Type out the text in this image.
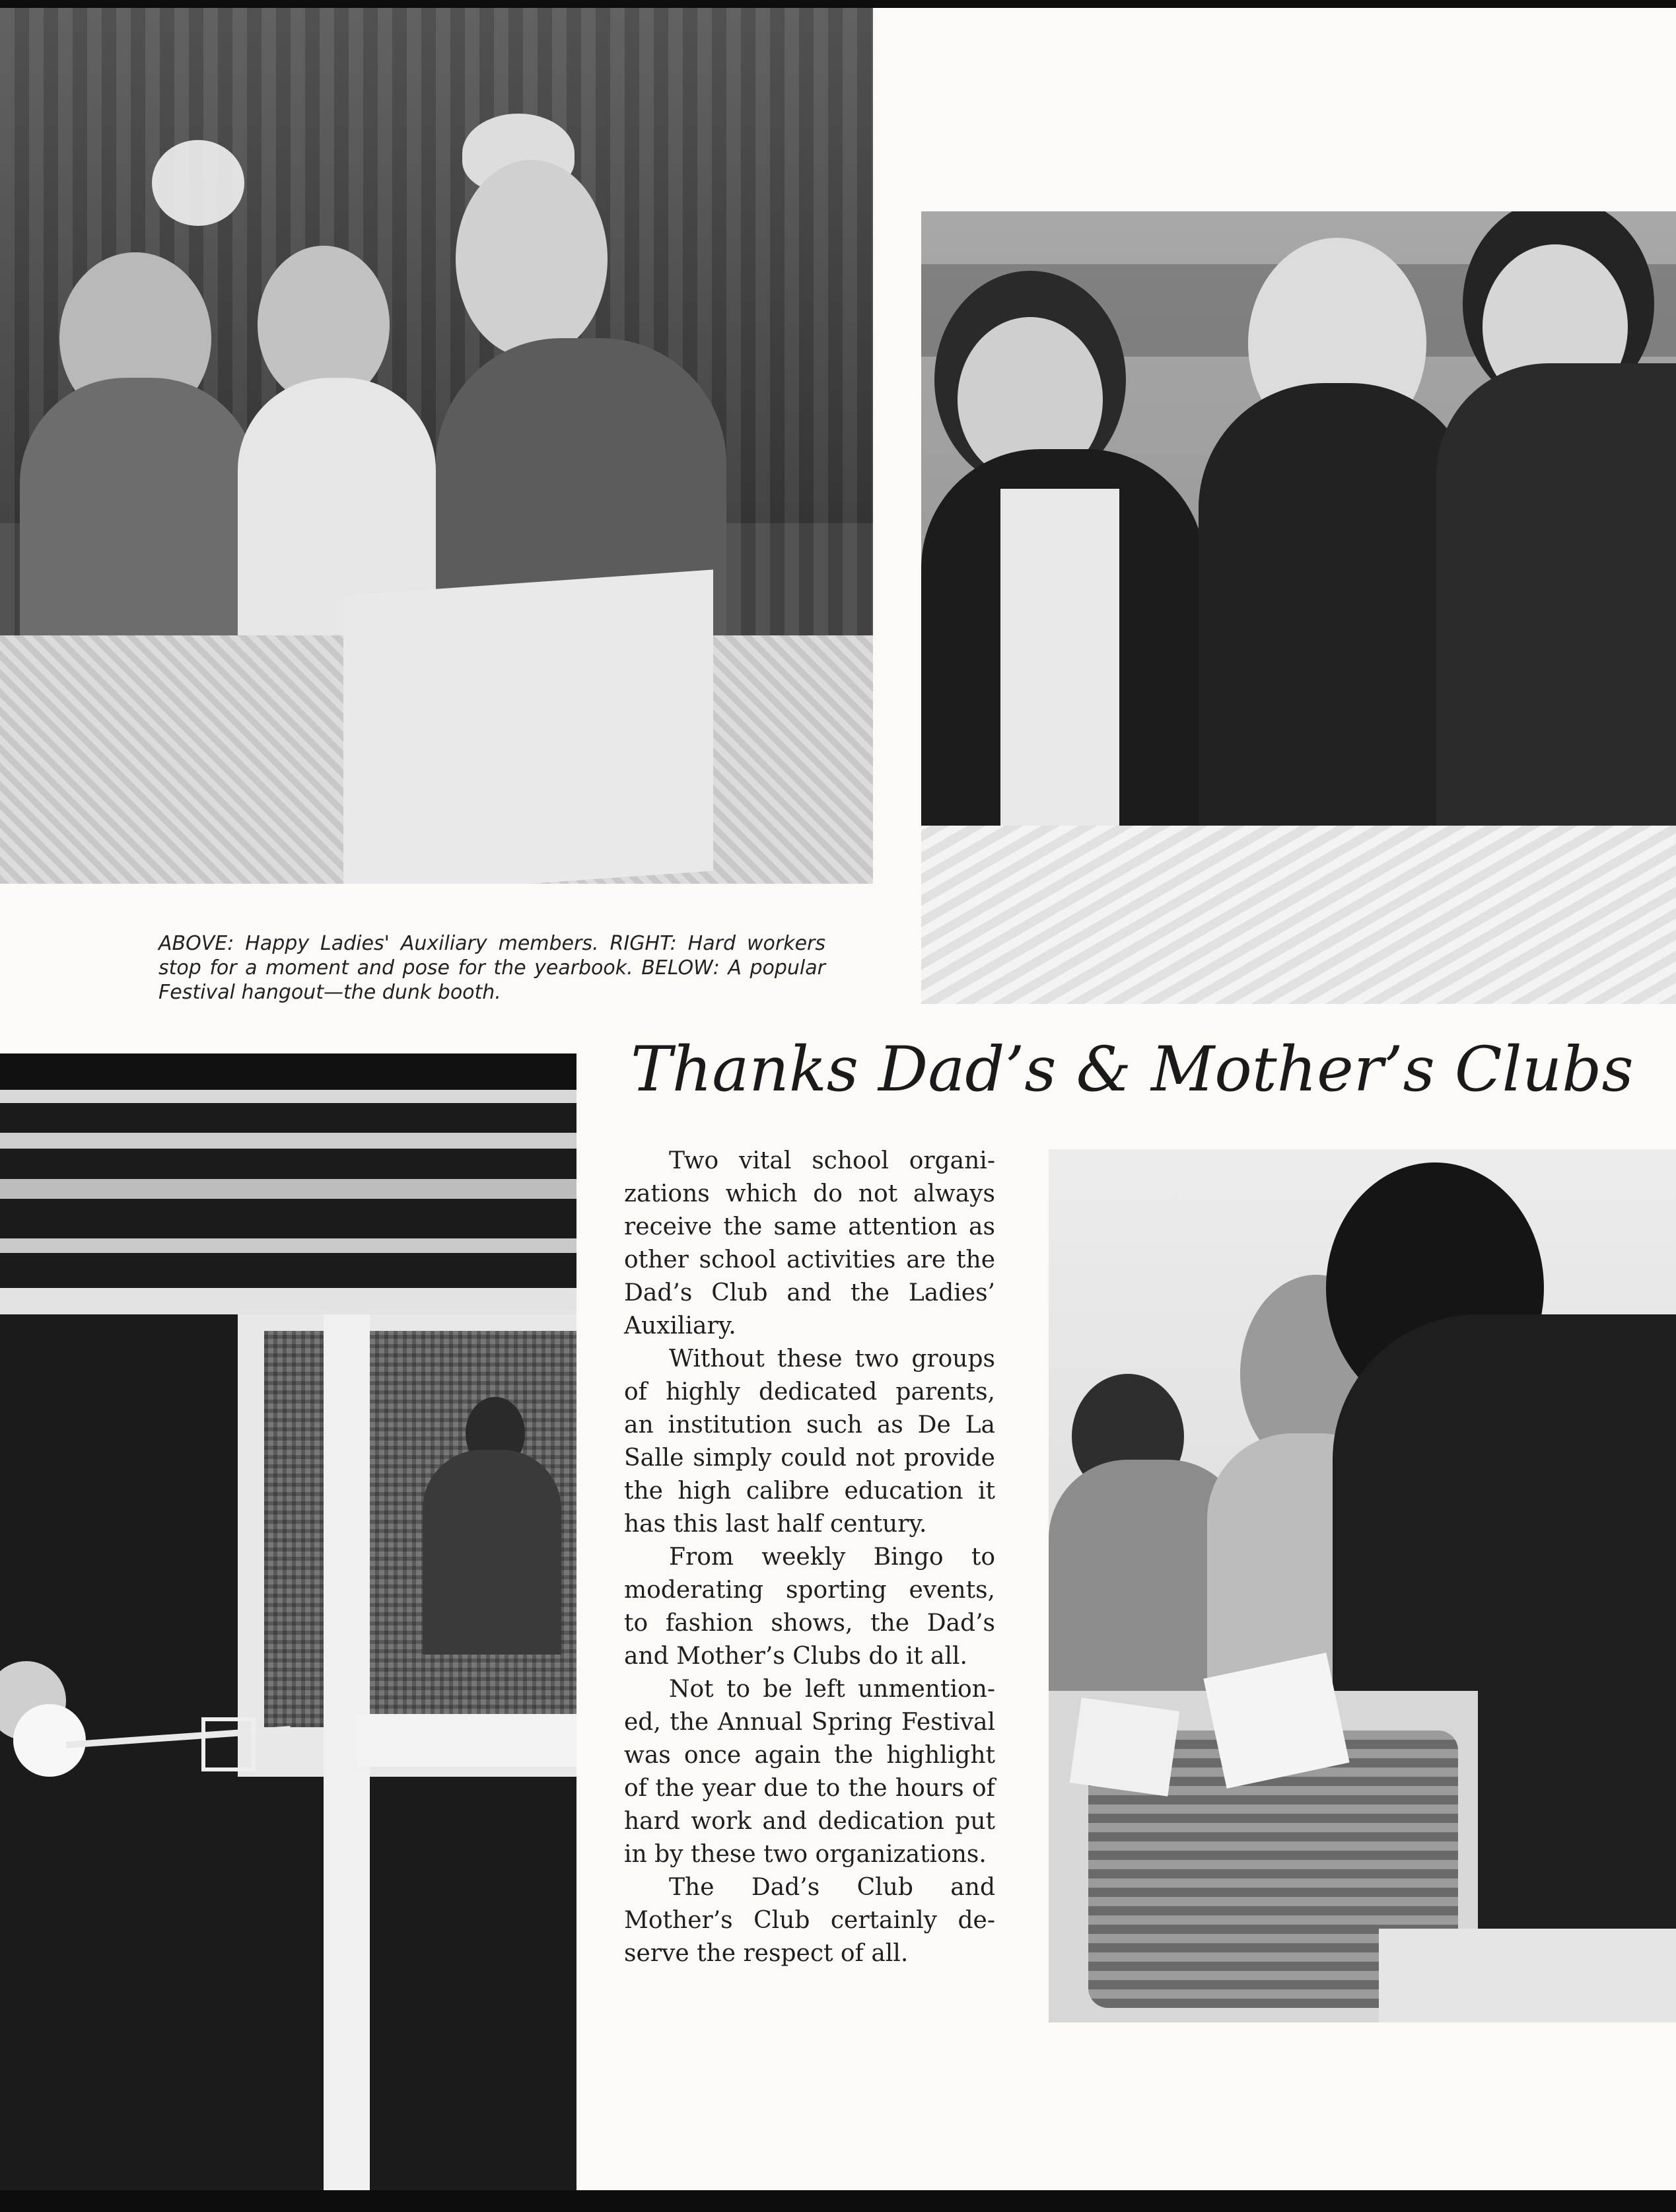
ABOVE: Happy Ladies' Auxiliary members. RIGHT: Hard workers stop for a moment and pose for the yearbook. BELOW: A popular Festival hangout—the dunk booth.
Thanks Dad’s & Mother’s Clubs

Two vital school organizations which do not always receive the same attention as other school activities are the Dad’s Club and the Ladies’ Auxiliary.

Without these two groups of highly dedicated parents, an institution such as De La Salle simply could not provide the high calibre education it has this last half century.

From weekly Bingo to moderating sporting events, to fashion shows, the Dad’s and Mother’s Clubs do it all.

Not to be left unmentioned, the Annual Spring Festival was once again the highlight of the year due to the hours of hard work and dedication put in by these two organizations.

The Dad’s Club and Mother’s Club certainly deserve the respect of all.
